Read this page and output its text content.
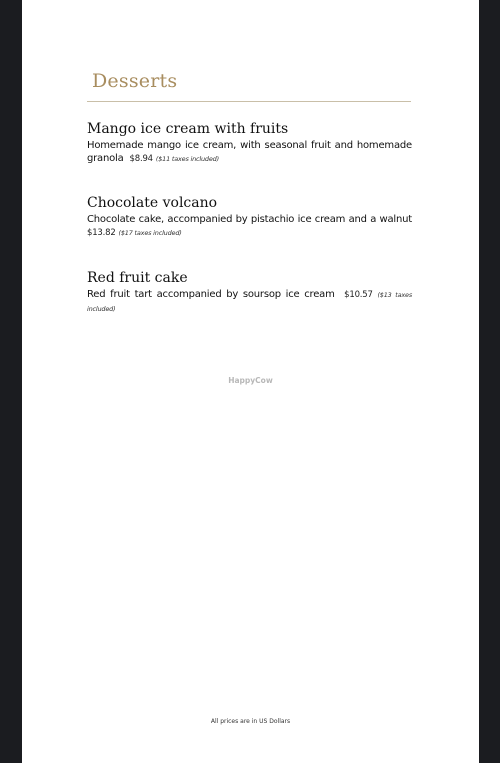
Desserts
Mango ice cream with fruits
Homemade mango ice cream, with seasonal fruit and homemade granola $8.94 ($11 taxes included)
Chocolate volcano
Chocolate cake, accompanied by pistachio ice cream and a walnut $13.82 ($17 taxes included)
Red fruit cake
Red fruit tart accompanied by soursop ice cream $10.57 ($13 taxes included)
HappyCow
All prices are in US Dollars
